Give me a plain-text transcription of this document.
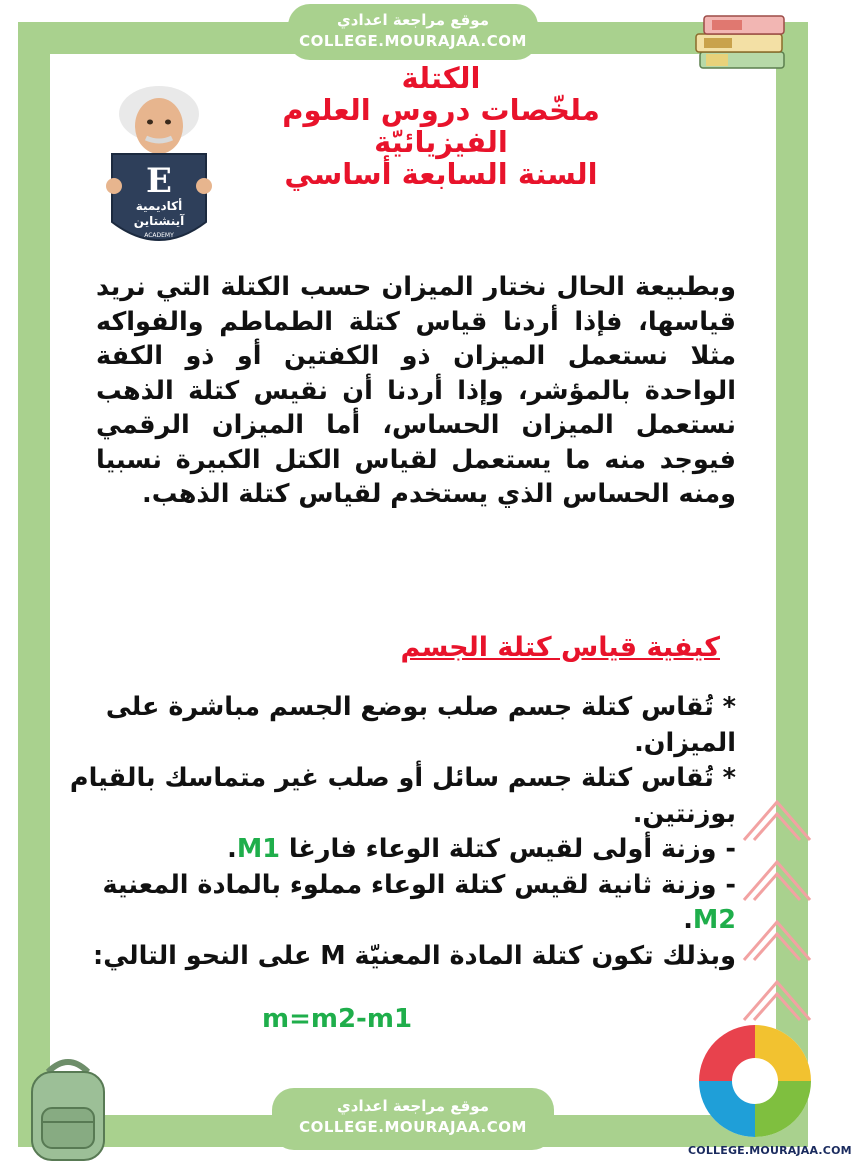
موقع مراجعة اعدادي
COLLEGE.MOURAJAA.COM
الكتلة
ملخّصات دروس العلوم
الفيزيائيّة
السنة السابعة أساسي
E
أكاديمية
آينشتاين
ACADEMY
وبطبيعة الحال نختار الميزان حسب الكتلة التي نريد قياسها، فإذا أردنا قياس كتلة الطماطم والفواكه مثلا نستعمل الميزان ذو الكفتين أو ذو الكفة الواحدة بالمؤشر، وإذا أردنا أن نقيس كتلة الذهب نستعمل الميزان الحساس، أما الميزان الرقمي فيوجد منه ما يستعمل لقياس الكتل الكبيرة نسبيا ومنه الحساس الذي يستخدم لقياس كتلة الذهب.
كيفية قياس كتلة الجسم

* تُقاس كتلة جسم صلب بوضع الجسم مباشرة على الميزان.

* تُقاس كتلة جسم سائل أو صلب غير متماسك بالقيام بوزنتين.

- وزنة أولى لقيس كتلة الوعاء فارغا M1.

- وزنة ثانية لقيس كتلة الوعاء مملوء بالمادة المعنية M2.

وبذلك تكون كتلة المادة المعنيّة M على النحو التالي:

m=m2-m1
موقع مراجعة اعدادي
COLLEGE.MOURAJAA.COM
COLLEGE.MOURAJAA.COM
